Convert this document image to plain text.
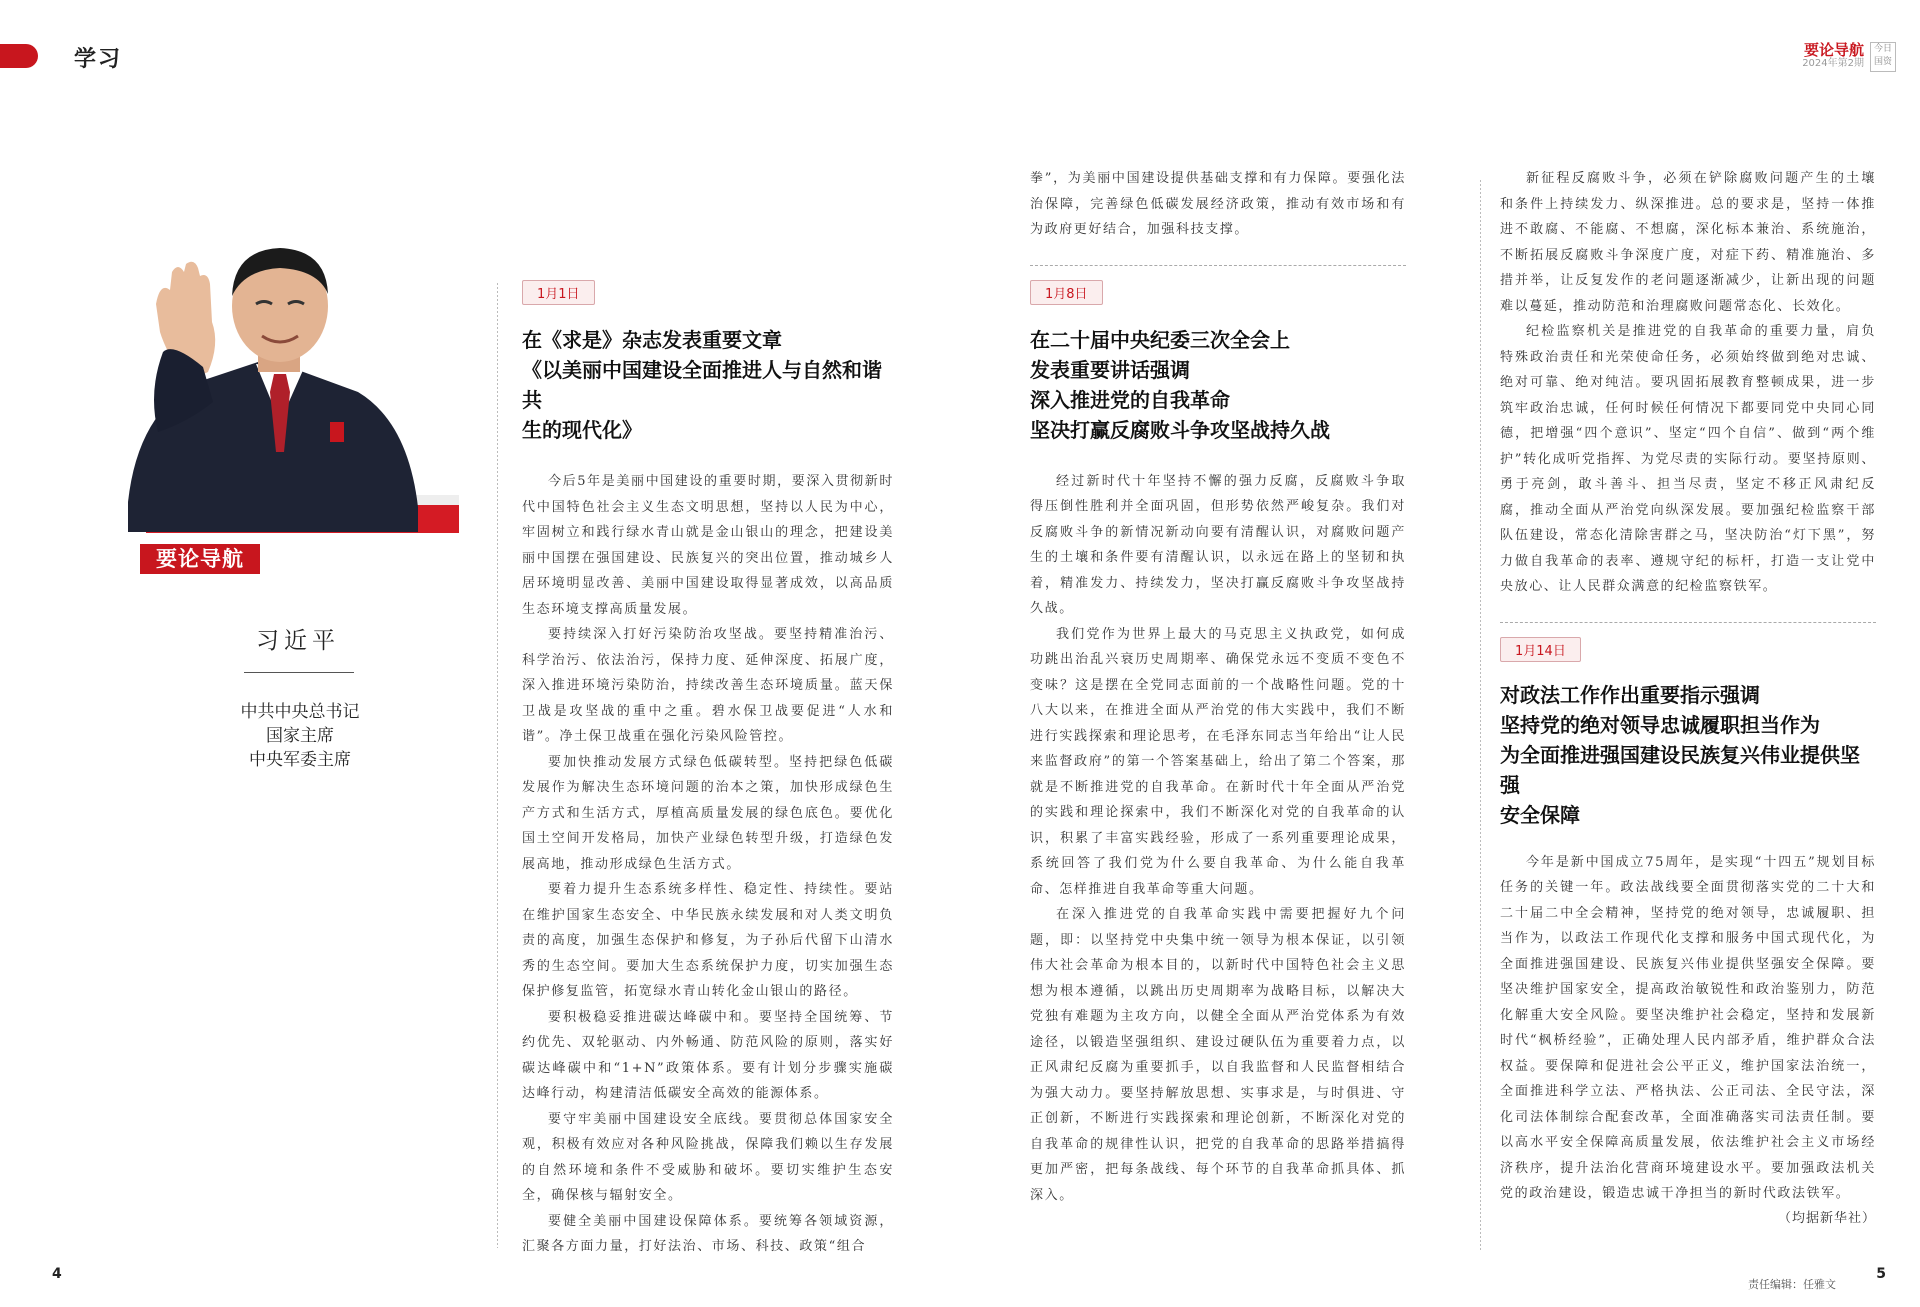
学习	要论导航
2024年第2期
今日国资
要论导航
习近平
中共中央总书记
国家主席
中央军委主席
1月1日
在《求是》杂志发表重要文章
《以美丽中国建设全面推进人与自然和谐共
生的现代化》

今后5年是美丽中国建设的重要时期，要深入贯彻新时代中国特色社会主义生态文明思想，坚持以人民为中心，牢固树立和践行绿水青山就是金山银山的理念，把建设美丽中国摆在强国建设、民族复兴的突出位置，推动城乡人居环境明显改善、美丽中国建设取得显著成效，以高品质生态环境支撑高质量发展。

要持续深入打好污染防治攻坚战。要坚持精准治污、科学治污、依法治污，保持力度、延伸深度、拓展广度，深入推进环境污染防治，持续改善生态环境质量。蓝天保卫战是攻坚战的重中之重。碧水保卫战要促进“人水和谐”。净土保卫战重在强化污染风险管控。

要加快推动发展方式绿色低碳转型。坚持把绿色低碳发展作为解决生态环境问题的治本之策，加快形成绿色生产方式和生活方式，厚植高质量发展的绿色底色。要优化国土空间开发格局，加快产业绿色转型升级，打造绿色发展高地，推动形成绿色生活方式。

要着力提升生态系统多样性、稳定性、持续性。要站在维护国家生态安全、中华民族永续发展和对人类文明负责的高度，加强生态保护和修复，为子孙后代留下山清水秀的生态空间。要加大生态系统保护力度，切实加强生态保护修复监管，拓宽绿水青山转化金山银山的路径。

要积极稳妥推进碳达峰碳中和。要坚持全国统筹、节约优先、双轮驱动、内外畅通、防范风险的原则，落实好碳达峰碳中和“1+N”政策体系。要有计划分步骤实施碳达峰行动，构建清洁低碳安全高效的能源体系。

要守牢美丽中国建设安全底线。要贯彻总体国家安全观，积极有效应对各种风险挑战，保障我们赖以生存发展的自然环境和条件不受威胁和破坏。要切实维护生态安全，确保核与辐射安全。

要健全美丽中国建设保障体系。要统筹各领域资源，汇聚各方面力量，打好法治、市场、科技、政策“组合

拳”，为美丽中国建设提供基础支撑和有力保障。要强化法治保障，完善绿色低碳发展经济政策，推动有效市场和有为政府更好结合，加强科技支撑。

1月8日
在二十届中央纪委三次全会上
发表重要讲话强调
深入推进党的自我革命
坚决打赢反腐败斗争攻坚战持久战

经过新时代十年坚持不懈的强力反腐，反腐败斗争取得压倒性胜利并全面巩固，但形势依然严峻复杂。我们对反腐败斗争的新情况新动向要有清醒认识，对腐败问题产生的土壤和条件要有清醒认识，以永远在路上的坚韧和执着，精准发力、持续发力，坚决打赢反腐败斗争攻坚战持久战。

我们党作为世界上最大的马克思主义执政党，如何成功跳出治乱兴衰历史周期率、确保党永远不变质不变色不变味？这是摆在全党同志面前的一个战略性问题。党的十八大以来，在推进全面从严治党的伟大实践中，我们不断进行实践探索和理论思考，在毛泽东同志当年给出“让人民来监督政府”的第一个答案基础上，给出了第二个答案，那就是不断推进党的自我革命。在新时代十年全面从严治党的实践和理论探索中，我们不断深化对党的自我革命的认识，积累了丰富实践经验，形成了一系列重要理论成果，系统回答了我们党为什么要自我革命、为什么能自我革命、怎样推进自我革命等重大问题。

在深入推进党的自我革命实践中需要把握好九个问题，即：以坚持党中央集中统一领导为根本保证，以引领伟大社会革命为根本目的，以新时代中国特色社会主义思想为根本遵循，以跳出历史周期率为战略目标，以解决大党独有难题为主攻方向，以健全全面从严治党体系为有效途径，以锻造坚强组织、建设过硬队伍为重要着力点，以正风肃纪反腐为重要抓手，以自我监督和人民监督相结合为强大动力。要坚持解放思想、实事求是，与时俱进、守正创新，不断进行实践探索和理论创新，不断深化对党的自我革命的规律性认识，把党的自我革命的思路举措搞得更加严密，把每条战线、每个环节的自我革命抓具体、抓深入。

新征程反腐败斗争，必须在铲除腐败问题产生的土壤和条件上持续发力、纵深推进。总的要求是，坚持一体推进不敢腐、不能腐、不想腐，深化标本兼治、系统施治，不断拓展反腐败斗争深度广度，对症下药、精准施治、多措并举，让反复发作的老问题逐渐减少，让新出现的问题难以蔓延，推动防范和治理腐败问题常态化、长效化。

纪检监察机关是推进党的自我革命的重要力量，肩负特殊政治责任和光荣使命任务，必须始终做到绝对忠诚、绝对可靠、绝对纯洁。要巩固拓展教育整顿成果，进一步筑牢政治忠诚，任何时候任何情况下都要同党中央同心同德，把增强“四个意识”、坚定“四个自信”、做到“两个维护”转化成听党指挥、为党尽责的实际行动。要坚持原则、勇于亮剑，敢斗善斗、担当尽责，坚定不移正风肃纪反腐，推动全面从严治党向纵深发展。要加强纪检监察干部队伍建设，常态化清除害群之马，坚决防治“灯下黑”，努力做自我革命的表率、遵规守纪的标杆，打造一支让党中央放心、让人民群众满意的纪检监察铁军。

1月14日
对政法工作作出重要指示强调
坚持党的绝对领导忠诚履职担当作为
为全面推进强国建设民族复兴伟业提供坚强
安全保障

今年是新中国成立75周年，是实现“十四五”规划目标任务的关键一年。政法战线要全面贯彻落实党的二十大和二十届二中全会精神，坚持党的绝对领导，忠诚履职、担当作为，以政法工作现代化支撑和服务中国式现代化，为全面推进强国建设、民族复兴伟业提供坚强安全保障。要坚决维护国家安全，提高政治敏锐性和政治鉴别力，防范化解重大安全风险。要坚决维护社会稳定，坚持和发展新时代“枫桥经验”，正确处理人民内部矛盾，维护群众合法权益。要保障和促进社会公平正义，维护国家法治统一，全面推进科学立法、严格执法、公正司法、全民守法，深化司法体制综合配套改革，全面准确落实司法责任制。要以高水平安全保障高质量发展，依法维护社会主义市场经济秩序，提升法治化营商环境建设水平。要加强政法机关党的政治建设，锻造忠诚干净担当的新时代政法铁军。

（均据新华社）
责任编辑：任雅文
4	5
